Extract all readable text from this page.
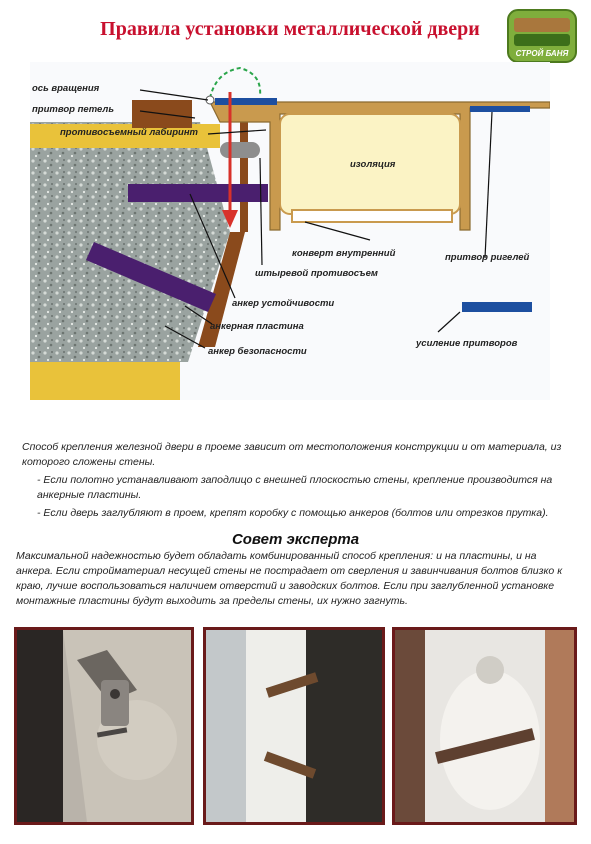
Правила установки металлической двери
СТРОЙ БАНЯ
ось вращения
притвор петель
противосъемный лабиринт
изоляция
конверт внутренний	притвор ригелей
штыревой противосъем
анкер устойчивости
анкерная пластина
анкер безопасности
усиление притворов

Способ крепления железной двери в проеме зависит от местоположения конструкции и от материала, из которого сложены стены.

- Если полотно устанавливают заподлицо с внешней плоскостью стены, крепление производится на анкерные пластины.

- Если дверь заглубляют в проем, крепят коробку с помощью анкеров (болтов или отрезков прутка).

Совет эксперта

Максимальной надежностью будет обладать комбинированный способ крепления: и на пластины, и на анкера. Если стройматериал несущей стены не пострадает от сверления и завинчивания болтов близко к краю, лучше воспользоваться наличием отверстий и заводских болтов. Если при заглубленной установке монтажные пластины будут выходить за пределы стены, их нужно загнуть.
